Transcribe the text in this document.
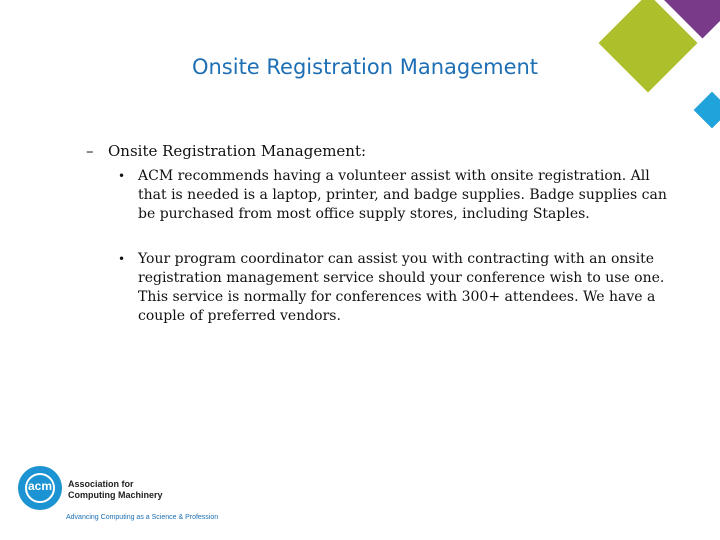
Onsite Registration Management
– Onsite Registration Management:
• ACM recommends having a volunteer assist with onsite registration. All that is needed is a laptop, printer, and badge supplies. Badge supplies can be purchased from most office supply stores, including Staples.
• Your program coordinator can assist you with contracting with an onsite registration management service should your conference wish to use one. This service is normally for conferences with 300+ attendees. We have a couple of preferred vendors.
acm	Association for
Computing Machinery
Advancing Computing as a Science & Profession
